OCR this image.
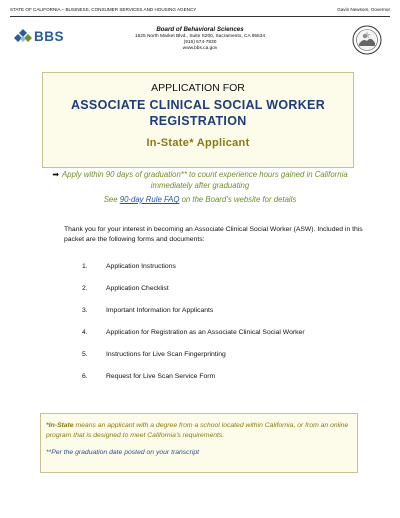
STATE OF CALIFORNIA – BUSINESS, CONSUMER SERVICES AND HOUSING AGENCY	Gavin Newsom, Governor
BBS	Board of Behavioral Sciences
1625 North Market Blvd., Suite S200, Sacramento, CA 95834
(916) 574-7830
www.bbs.ca.gov
APPLICATION FOR
ASSOCIATE CLINICAL SOCIAL WORKER
REGISTRATION
In-State* Applicant
➡ Apply within 90 days of graduation** to count experience hours gained in California immediately after graduating
See 90-day Rule FAQ on the Board’s website for details
Thank you for your interest in becoming an Associate Clinical Social Worker (ASW). Included in this packet are the following forms and documents:
1.	Application Instructions
2.	Application Checklist
3.	Important Information for Applicants
4.	Application for Registration as an Associate Clinical Social Worker
5.	Instructions for Live Scan Fingerprinting
6.	Request for Live Scan Service Form
*In-State means an applicant with a degree from a school located within California, or from an online program that is designed to meet California’s requirements.
**Per the graduation date posted on your transcript
